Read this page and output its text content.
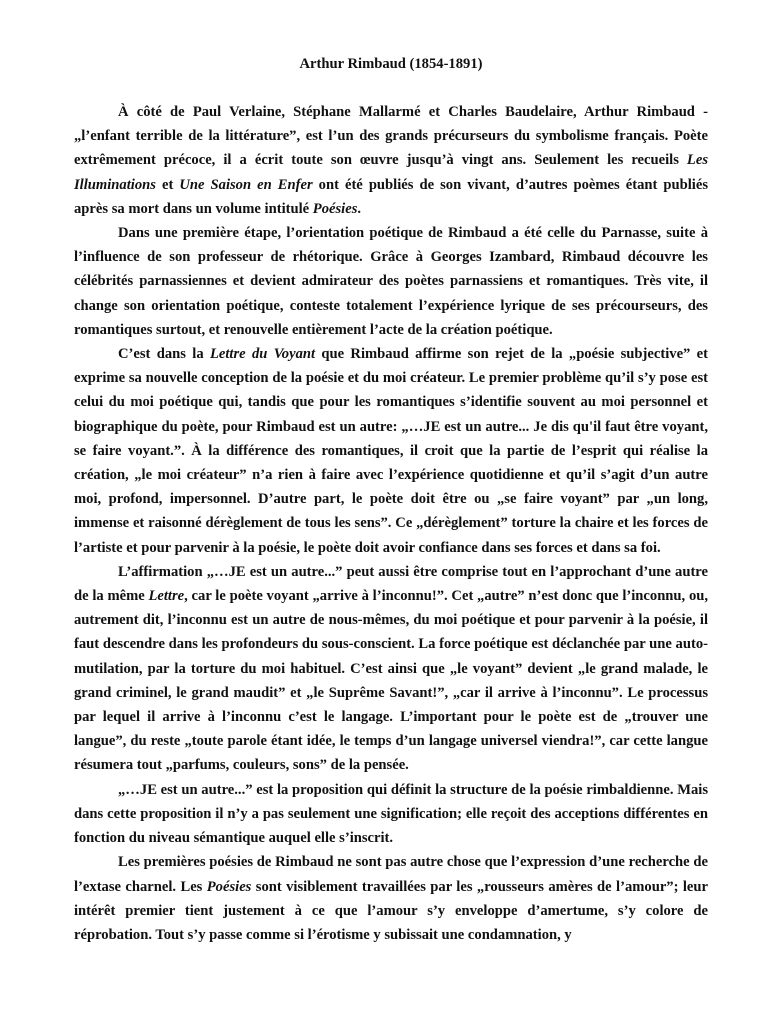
Arthur Rimbaud (1854-1891)

À côté de Paul Verlaine, Stéphane Mallarmé et Charles Baudelaire, Arthur Rimbaud - „l’enfant terrible de la littérature”, est l’un des grands précurseurs du symbolisme français. Poète extrêmement précoce, il a écrit toute son œuvre jusqu’à vingt ans. Seulement les recueils Les Illuminations et Une Saison en Enfer ont été publiés de son vivant, d’autres poèmes étant publiés après sa mort dans un volume intitulé Poésies.

Dans une première étape, l’orientation poétique de Rimbaud a été celle du Parnasse, suite à l’influence de son professeur de rhétorique. Grâce à Georges Izambard, Rimbaud découvre les célébrités parnassiennes et devient admirateur des poètes parnassiens et romantiques. Très vite, il change son orientation poétique, conteste totalement l’expérience lyrique de ses précourseurs, des romantiques surtout, et renouvelle entièrement l’acte de la création poétique.

C’est dans la Lettre du Voyant que Rimbaud affirme son rejet de la „poésie subjective” et exprime sa nouvelle conception de la poésie et du moi créateur. Le premier problème qu’il s’y pose est celui du moi poétique qui, tandis que pour les romantiques s’identifie souvent au moi personnel et biographique du poète, pour Rimbaud est un autre: „…JE est un autre... Je dis qu'il faut être voyant, se faire voyant.”. À la différence des romantiques, il croit que la partie de l’esprit qui réalise la création, „le moi créateur” n’a rien à faire avec l’expérience quotidienne et qu’il s’agit d’un autre moi, profond, impersonnel. D’autre part, le poète doit être ou „se faire voyant” par „un long, immense et raisonné dérèglement de tous les sens”. Ce „dérèglement” torture la chaire et les forces de l’artiste et pour parvenir à la poésie, le poète doit avoir confiance dans ses forces et dans sa foi.

L’affirmation „…JE est un autre...” peut aussi être comprise tout en l’approchant d’une autre de la même Lettre, car le poète voyant „arrive à l’inconnu!”. Cet „autre” n’est donc que l’inconnu, ou, autrement dit, l’inconnu est un autre de nous-mêmes, du moi poétique et pour parvenir à la poésie, il faut descendre dans les profondeurs du sous-conscient. La force poétique est déclanchée par une auto-mutilation, par la torture du moi habituel. C’est ainsi que „le voyant” devient „le grand malade, le grand criminel, le grand maudit” et „le Suprême Savant!”, „car il arrive à l’inconnu”. Le processus par lequel il arrive à l’inconnu c’est le langage. L’important pour le poète est de „trouver une langue”, du reste „toute parole étant idée, le temps d’un langage universel viendra!”, car cette langue résumera tout „parfums, couleurs, sons” de la pensée.

„…JE est un autre...” est la proposition qui définit la structure de la poésie rimbaldienne. Mais dans cette proposition il n’y a pas seulement une signification; elle reçoit des acceptions différentes en fonction du niveau sémantique auquel elle s’inscrit.

Les premières poésies de Rimbaud ne sont pas autre chose que l’expression d’une recherche de l’extase charnel. Les Poésies sont visiblement travaillées par les „rousseurs amères de l’amour”; leur intérêt premier tient justement à ce que l’amour s’y enveloppe d’amertume, s’y colore de réprobation. Tout s’y passe comme si l’érotisme y subissait une condamnation, y
